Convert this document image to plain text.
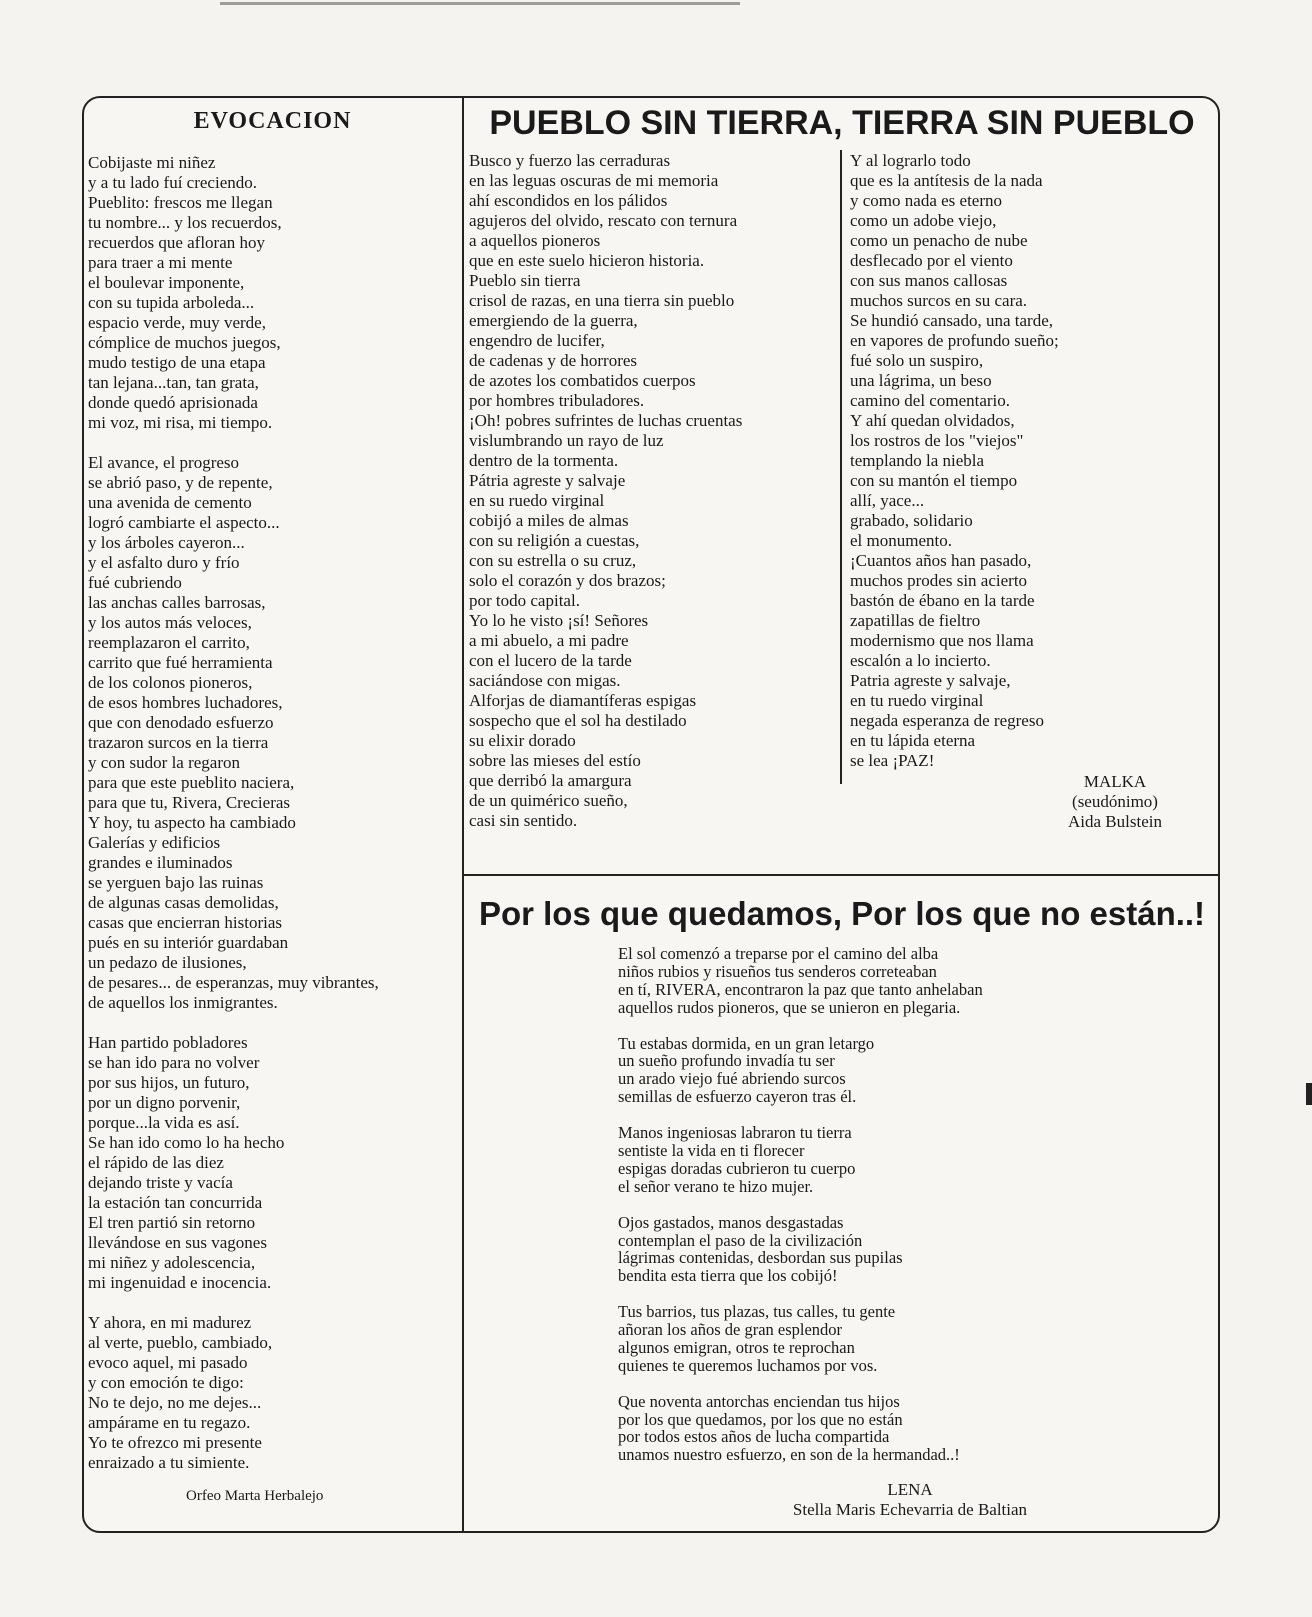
EVOCACION
Cobijaste mi niñez
y a tu lado fuí creciendo.
Pueblito: frescos me llegan
tu nombre... y los recuerdos,
recuerdos que afloran hoy
para traer a mi mente
el boulevar imponente,
con su tupida arboleda...
espacio verde, muy verde,
cómplice de muchos juegos,
mudo testigo de una etapa
tan lejana...tan, tan grata,
donde quedó aprisionada
mi voz, mi risa, mi tiempo.

El avance, el progreso
se abrió paso, y de repente,
una avenida de cemento
logró cambiarte el aspecto...
y los árboles cayeron...
y el asfalto duro y frío
fué cubriendo
las anchas calles barrosas,
y los autos más veloces,
reemplazaron el carrito,
carrito que fué herramienta
de los colonos pioneros,
de esos hombres luchadores,
que con denodado esfuerzo
trazaron surcos en la tierra
y con sudor la regaron
para que este pueblito naciera,
para que tu, Rivera, Crecieras
Y hoy, tu aspecto ha cambiado
Galerías y edificios
grandes e iluminados
se yerguen bajo las ruinas
de algunas casas demolidas,
casas que encierran historias
pués en su interiór guardaban
un pedazo de ilusiones,
de pesares... de esperanzas, muy vibrantes,
de aquellos los inmigrantes.

Han partido pobladores
se han ido para no volver
por sus hijos, un futuro,
por un digno porvenir,
porque...la vida es así.
Se han ido como lo ha hecho
el rápido de las diez
dejando triste y vacía
la estación tan concurrida
El tren partió sin retorno
llevándose en sus vagones
mi niñez y adolescencia,
mi ingenuidad e inocencia.

Y ahora, en mi madurez
al verte, pueblo, cambiado,
evoco aquel, mi pasado
y con emoción te digo:
No te dejo, no me dejes...
ampárame en tu regazo.
Yo te ofrezco mi presente
enraizado a tu simiente.
Orfeo Marta Herbalejo
PUEBLO SIN TIERRA, TIERRA SIN PUEBLO
Busco y fuerzo las cerraduras
en las leguas oscuras de mi memoria
ahí escondidos en los pálidos
agujeros del olvido, rescato con ternura
a aquellos pioneros
que en este suelo hicieron historia.
Pueblo sin tierra
crisol de razas, en una tierra sin pueblo
emergiendo de la guerra,
engendro de lucifer,
de cadenas y de horrores
de azotes los combatidos cuerpos
por hombres tribuladores.
¡Oh! pobres sufrintes de luchas cruentas
vislumbrando un rayo de luz
dentro de la tormenta.
Pátria agreste y salvaje
en su ruedo virginal
cobijó a miles de almas
con su religión a cuestas,
con su estrella o su cruz,
solo el corazón y dos brazos;
por todo capital.
Yo lo he visto ¡sí! Señores
a mi abuelo, a mi padre
con el lucero de la tarde
saciándose con migas.
Alforjas de diamantíferas espigas
sospecho que el sol ha destilado
su elixir dorado
sobre las mieses del estío
que derribó la amargura
de un quimérico sueño,
casi sin sentido.
Y al lograrlo todo
que es la antítesis de la nada
y como nada es eterno
como un adobe viejo,
como un penacho de nube
desflecado por el viento
con sus manos callosas
muchos surcos en su cara.
Se hundió cansado, una tarde,
en vapores de profundo sueño;
fué solo un suspiro,
una lágrima, un beso
camino del comentario.
Y ahí quedan olvidados,
los rostros de los "viejos"
templando la niebla
con su mantón el tiempo
allí, yace...
grabado, solidario
el monumento.
¡Cuantos años han pasado,
muchos prodes sin acierto
bastón de ébano en la tarde
zapatillas de fieltro
modernismo que nos llama
escalón a lo incierto.
Patria agreste y salvaje,
en tu ruedo virginal
negada esperanza de regreso
en tu lápida eterna
se lea ¡PAZ!
MALKA
(seudónimo)
Aida Bulstein
Por los que quedamos, Por los que no están..!
El sol comenzó a treparse por el camino del alba
niños rubios y risueños tus senderos correteaban
en tí, RIVERA, encontraron la paz que tanto anhelaban
aquellos rudos pioneros, que se unieron en plegaria.

Tu estabas dormida, en un gran letargo
un sueño profundo invadía tu ser
un arado viejo fué abriendo surcos
semillas de esfuerzo cayeron tras él.

Manos ingeniosas labraron tu tierra
sentiste la vida en ti florecer
espigas doradas cubrieron tu cuerpo
el señor verano te hizo mujer.

Ojos gastados, manos desgastadas
contemplan el paso de la civilización
lágrimas contenidas, desbordan sus pupilas
bendita esta tierra que los cobijó!

Tus barrios, tus plazas, tus calles, tu gente
añoran los años de gran esplendor
algunos emigran, otros te reprochan
quienes te queremos luchamos por vos.

Que noventa antorchas enciendan tus hijos
por los que quedamos, por los que no están
por todos estos años de lucha compartida
unamos nuestro esfuerzo, en son de la hermandad..!
LENA
Stella Maris Echevarria de Baltian
